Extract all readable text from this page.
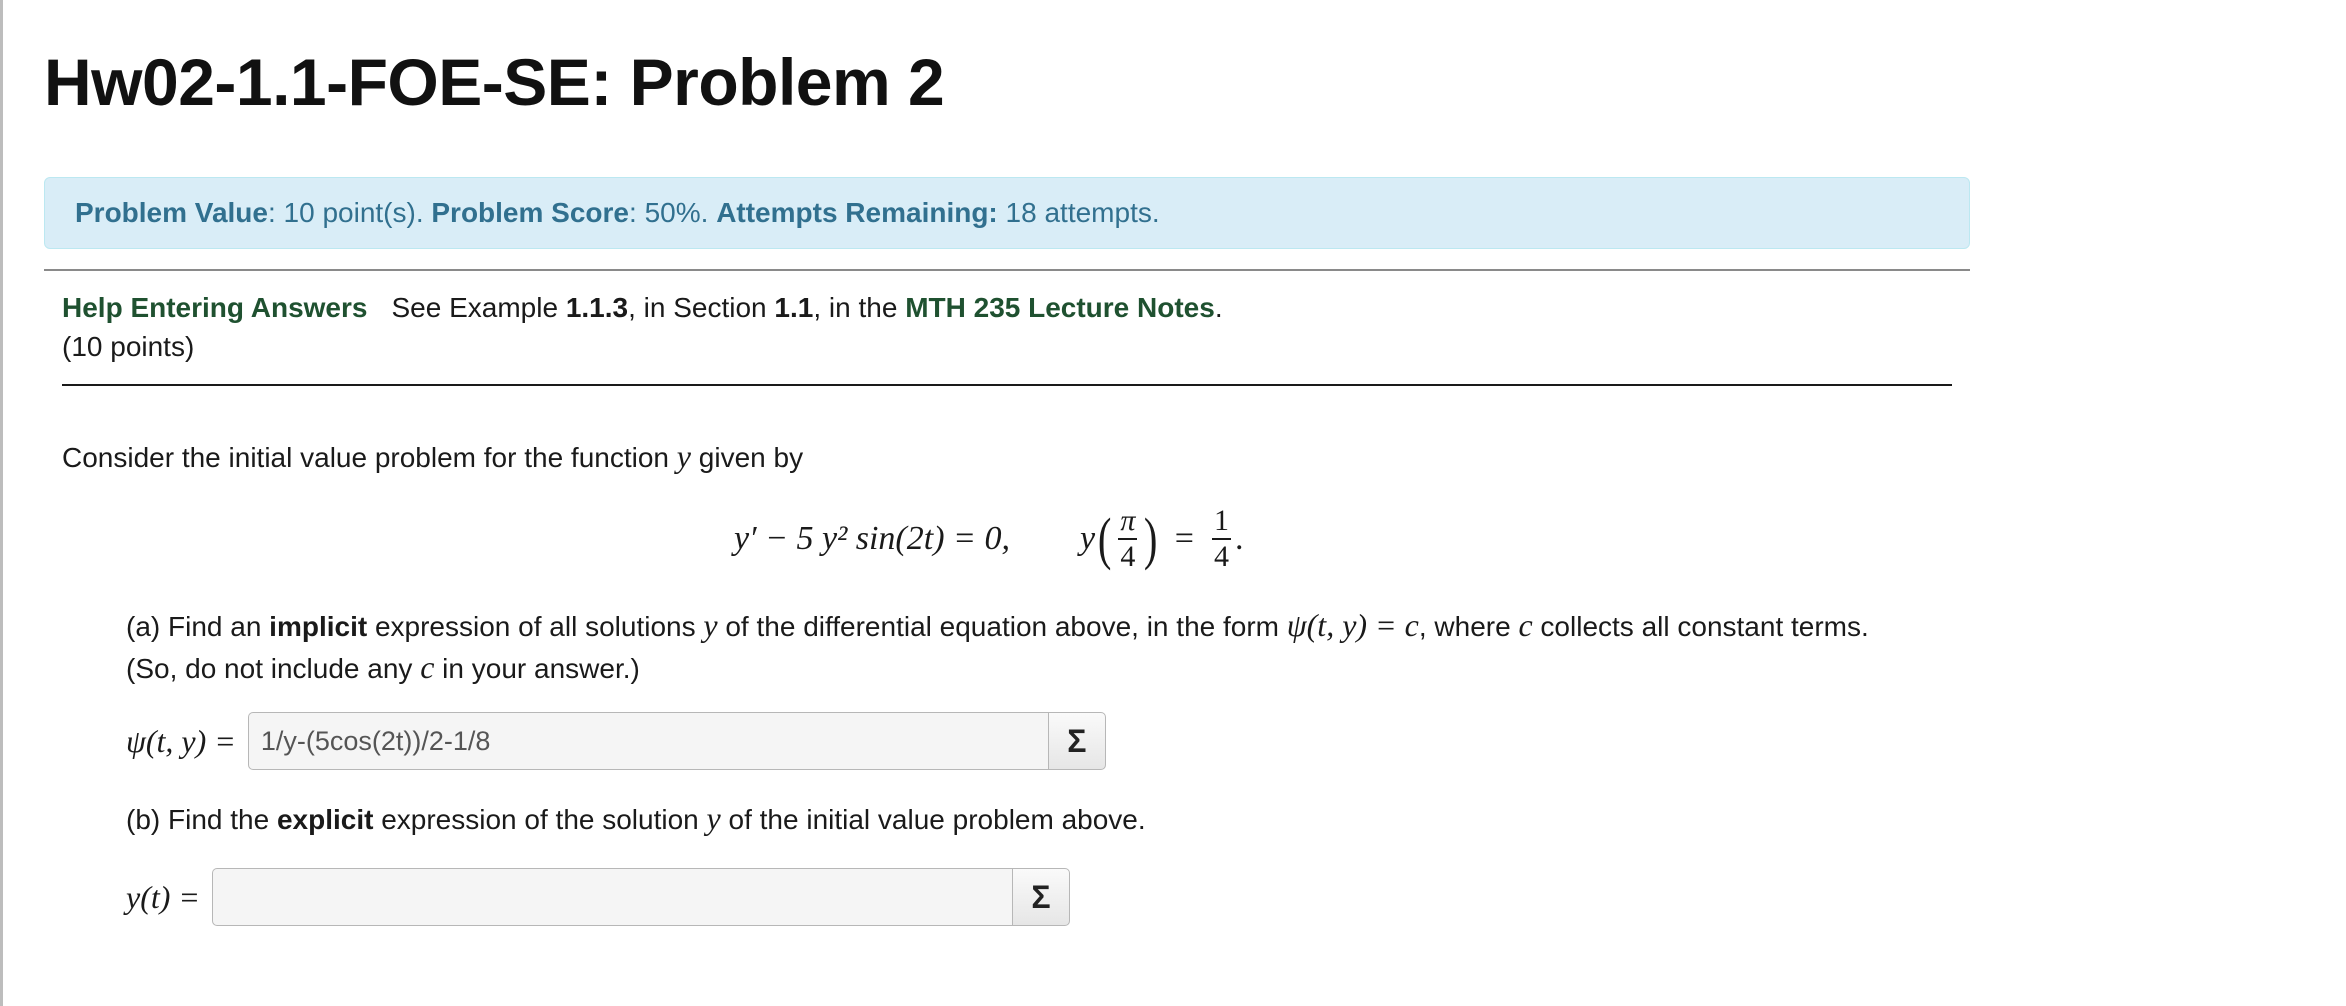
Hw02-1.1-FOE-SE: Problem 2
Problem Value: 10 point(s). Problem Score: 50%. Attempts Remaining: 18 attempts.
Help Entering Answers See Example 1.1.3, in Section 1.1, in the MTH 235 Lecture Notes.
(10 points)
Consider the initial value problem for the function y given by
y′ − 5 y² sin(2t) = 0, y ( $\frac{\pi}{4}$ ) = $\frac{1}{4}$ .
(a) Find an implicit expression of all solutions y of the differential equation above, in the form ψ(t, y) = c, where c collects all constant terms.
(So, do not include any c in your answer.)
ψ(t, y) =
1/y-(5cos(2t))/2-1/8	Σ
(b) Find the explicit expression of the solution y of the initial value problem above.
y(t) =	Σ
